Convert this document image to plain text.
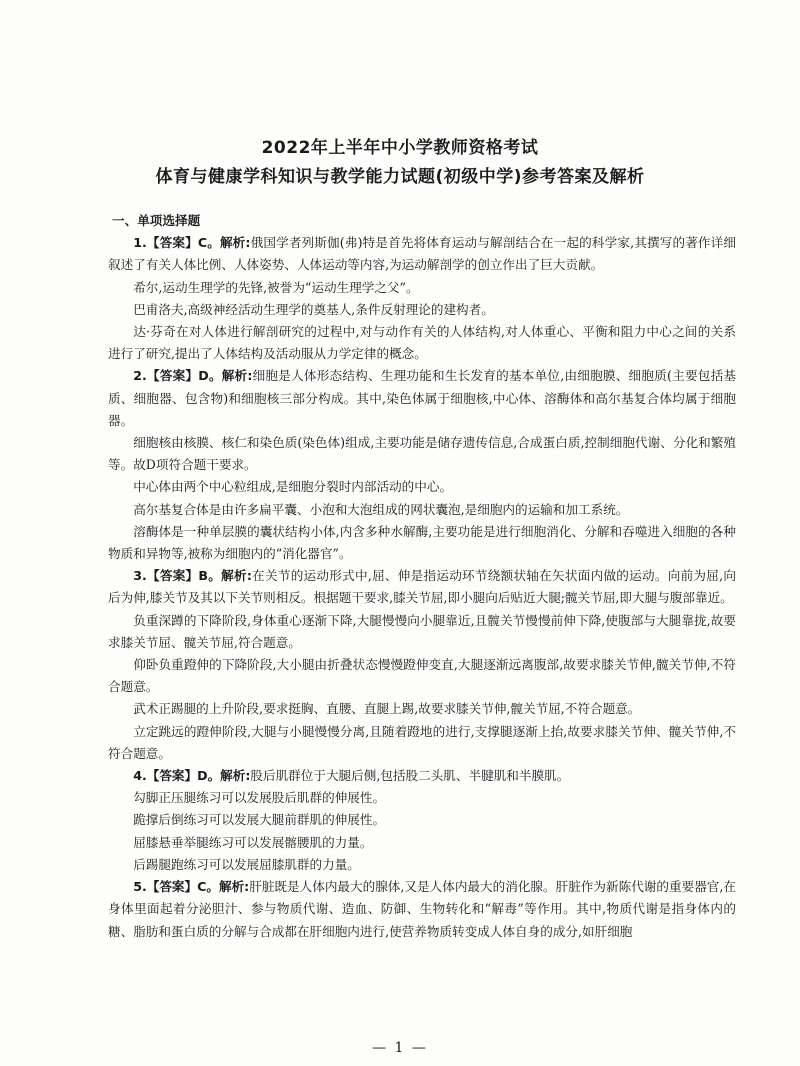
2022年上半年中小学教师资格考试
体育与健康学科知识与教学能力试题(初级中学)参考答案及解析

一、单项选择题

1.【答案】C。解析:俄国学者列斯伽(弗)特是首先将体育运动与解剖结合在一起的科学家,其撰写的著作详细叙述了有关人体比例、人体姿势、人体运动等内容,为运动解剖学的创立作出了巨大贡献。

希尔,运动生理学的先锋,被誉为“运动生理学之父”。

巴甫洛夫,高级神经活动生理学的奠基人,条件反射理论的建构者。

达·芬奇在对人体进行解剖研究的过程中,对与动作有关的人体结构,对人体重心、平衡和阻力中心之间的关系进行了研究,提出了人体结构及活动服从力学定律的概念。

2.【答案】D。解析:细胞是人体形态结构、生理功能和生长发育的基本单位,由细胞膜、细胞质(主要包括基质、细胞器、包含物)和细胞核三部分构成。其中,染色体属于细胞核,中心体、溶酶体和高尔基复合体均属于细胞器。

细胞核由核膜、核仁和染色质(染色体)组成,主要功能是储存遗传信息,合成蛋白质,控制细胞代谢、分化和繁殖等。故D项符合题干要求。

中心体由两个中心粒组成,是细胞分裂时内部活动的中心。

高尔基复合体是由许多扁平囊、小泡和大泡组成的网状囊泡,是细胞内的运输和加工系统。

溶酶体是一种单层膜的囊状结构小体,内含多种水解酶,主要功能是进行细胞消化、分解和吞噬进入细胞的各种物质和异物等,被称为细胞内的“消化器官”。

3.【答案】B。解析:在关节的运动形式中,屈、伸是指运动环节绕额状轴在矢状面内做的运动。向前为屈,向后为伸,膝关节及其以下关节则相反。根据题干要求,膝关节屈,即小腿向后贴近大腿;髋关节屈,即大腿与腹部靠近。

负重深蹲的下降阶段,身体重心逐渐下降,大腿慢慢向小腿靠近,且髋关节慢慢前伸下降,使腹部与大腿靠拢,故要求膝关节屈、髋关节屈,符合题意。

仰卧负重蹬伸的下降阶段,大小腿由折叠状态慢慢蹬伸变直,大腿逐渐远离腹部,故要求膝关节伸,髋关节伸,不符合题意。

武术正踢腿的上升阶段,要求挺胸、直腰、直腿上踢,故要求膝关节伸,髋关节屈,不符合题意。

立定跳远的蹬伸阶段,大腿与小腿慢慢分离,且随着蹬地的进行,支撑腿逐渐上抬,故要求膝关节伸、髋关节伸,不符合题意。

4.【答案】D。解析:股后肌群位于大腿后侧,包括股二头肌、半腱肌和半膜肌。

勾脚正压腿练习可以发展股后肌群的伸展性。

跪撑后倒练习可以发展大腿前群肌的伸展性。

屈膝悬垂举腿练习可以发展髂腰肌的力量。

后踢腿跑练习可以发展屈膝肌群的力量。

5.【答案】C。解析:肝脏既是人体内最大的腺体,又是人体内最大的消化腺。肝脏作为新陈代谢的重要器官,在身体里面起着分泌胆汁、参与物质代谢、造血、防御、生物转化和“解毒”等作用。其中,物质代谢是指身体内的糖、脂肪和蛋白质的分解与合成都在肝细胞内进行,使营养物质转变成人体自身的成分,如肝细胞

— 1 —
